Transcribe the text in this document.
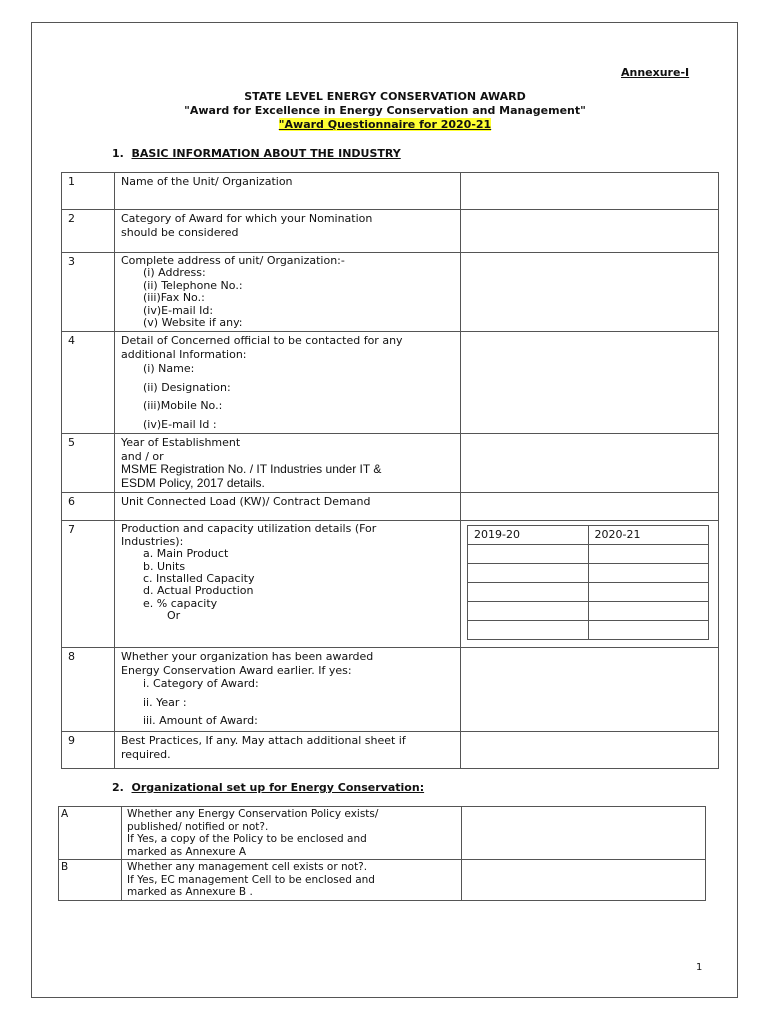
Annexure-I
STATE LEVEL ENERGY CONSERVATION AWARD
"Award for Excellence in Energy Conservation and Management"
"Award Questionnaire for 2020-21
1. BASIC INFORMATION ABOUT THE INDUSTRY
1	Name of the Unit/ Organization	
2	Category of Award for which your Nomination
should be considered

3	Complete address of unit/ Organization:-
(i) Address:
(ii) Telephone No.:
(iii)Fax No.:
(iv)E-mail Id:
(v) Website if any:

4	Detail of Concerned official to be contacted for any
additional Information:
(i) Name:
(ii) Designation:
(iii)Mobile No.:
(iv)E-mail Id :

5	Year of Establishment
and / or
MSME Registration No. / IT Industries under IT &
ESDM Policy, 2017 details.

6	Unit Connected Load (KW)/ Contract Demand	
7	Production and capacity utilization details (For
Industries):
a. Main Product
b. Units
c. Installed Capacity
d. Actual Production
e. % capacity
Or

2019-20	2020-21

8	Whether your organization has been awarded
Energy Conservation Award earlier. If yes:
i. Category of Award:
ii. Year :
iii. Amount of Award:

9	Best Practices, If any. May attach additional sheet if
required.

2. Organizational set up for Energy Conservation:
A	Whether any Energy Conservation Policy exists/
published/ notified or not?.
If Yes, a copy of the Policy to be enclosed and
marked as Annexure A	

B	Whether any management cell exists or not?.
If Yes, EC management Cell to be enclosed and
marked as Annexure B .	

1
